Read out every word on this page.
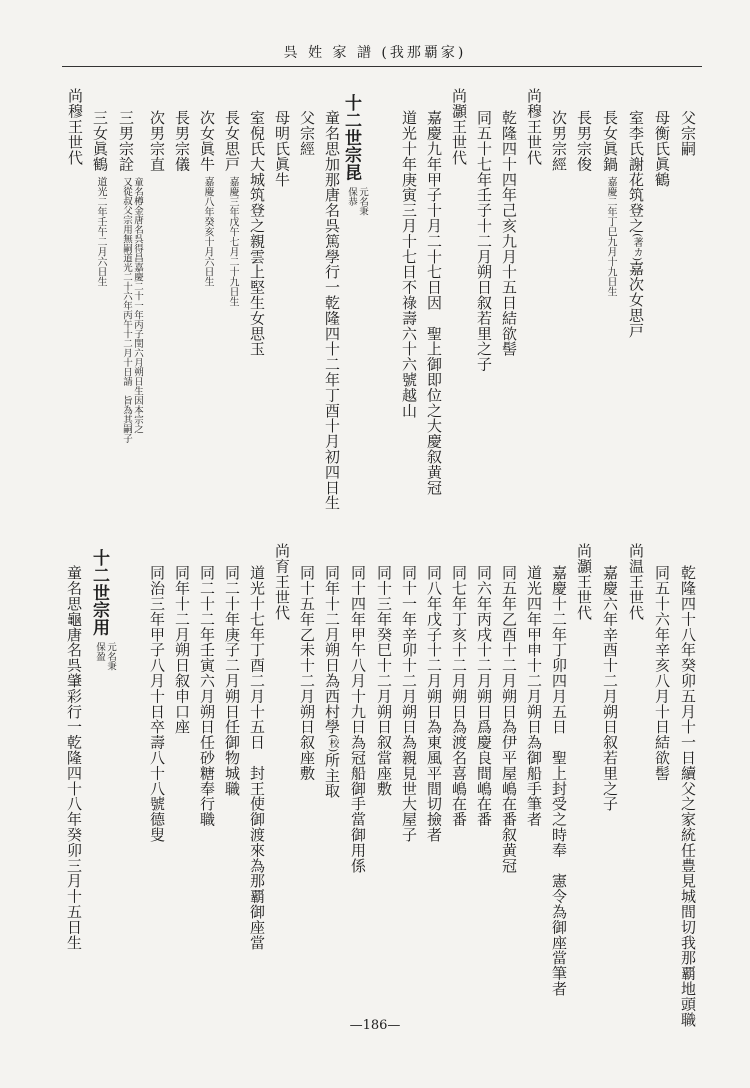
呉 姓 家 譜 (我那覇家)
父宗嗣
母衡氏眞鶴
室李氏謝花筑登之(著カ)嘉次女思戸
長女眞鍋 嘉慶二年丁巳九月十九日生
長男宗俊
次男宗經
尚穆王世代
乾隆四十四年己亥九月十五日結欲髻
同五十七年壬子十二月朔日叙若里之子
尚灝王世代
嘉慶九年甲子十月二十七日因　聖上御即位之大慶叙黄冠
道光十年庚寅三月十七日不祿壽六十六號越山
十二世宗昆
元名秉
保恭
童名思加那唐名呉篤學行一乾隆四十二年丁酉十月初四日生
父宗經
母明氏眞牛
室倪氏大城筑登之親雲上堅生女思玉
長女思戸 嘉慶三年戊午七月二十九日生
次女眞牛 嘉慶八年癸亥十月六日生
長男宗儀
次男宗直
三男宗詮
童名樽金唐名呉得昌嘉慶二十一年丙子閏六月朔日生因本宗之
又從叔父宗用無嗣道光二十六年丙午十二月十日請　旨為其嗣子
三女眞鶴 道光二年壬午二月六日生
尚穆王世代
乾隆四十八年癸卯五月十一日續父之家統任豊見城間切我那覇地頭職
同五十六年辛亥八月十日結欲髻
尚温王世代
嘉慶六年辛酉十二月朔日叙若里之子
尚灝王世代
嘉慶十二年丁卯四月五日　聖上封受之時奉　憲令為御座當筆者
道光四年甲申十二月朔日為御船手筆者
同五年乙酉十二月朔日為伊平屋嶋在番叙黄冠
同六年丙戌十二月朔日爲慶良間嶋在番
同七年丁亥十二月朔日為渡名喜嶋在番
同八年戊子十二月朔日為東風平間切撿者
同十一年辛卯十二月朔日為親見世大屋子
同十三年癸巳十二月朔日叙當座敷
同十四年甲午八月十九日為冠船御手當御用係
同年十二月朔日為西村學(校)所主取
同十五年乙未十二月朔日叙座敷
尚育王世代
道光十七年丁酉二月十五日　封王使御渡來為那覇御座當
同二十年庚子二月朔日任御物城職
同二十二年壬寅六月朔日任砂糖奉行職
同年十二月朔日叙申口座
同治三年甲子八月十日卒壽八十八號德叟
十二世宗用
元名秉
保盈
童名思龜唐名呉肇彩行一乾隆四十八年癸卯三月十五日生
—186—
